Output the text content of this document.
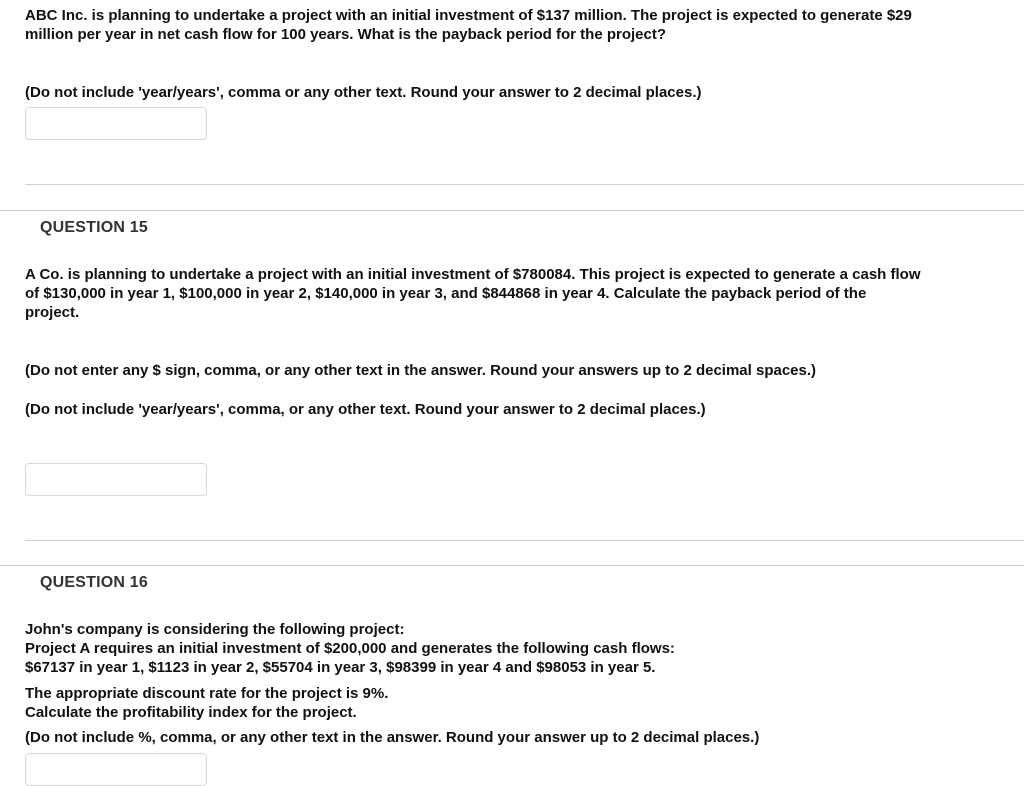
ABC Inc. is planning to undertake a project with an initial investment of $137 million. The project is expected to generate $29

million per year in net cash flow for 100 years. What is the payback period for the project?

(Do not include 'year/years', comma or any other text. Round your answer to 2 decimal places.)

QUESTION 15

A Co. is planning to undertake a project with an initial investment of $780084. This project is expected to generate a cash flow

of $130,000 in year 1, $100,000 in year 2, $140,000 in year 3, and $844868 in year 4. Calculate the payback period of the

project.

(Do not enter any $ sign, comma, or any other text in the answer. Round your answers up to 2 decimal spaces.)

(Do not include 'year/years', comma, or any other text. Round your answer to 2 decimal places.)

QUESTION 16

John's company is considering the following project:

Project A requires an initial investment of $200,000 and generates the following cash flows:

$67137 in year 1, $1123 in year 2, $55704 in year 3, $98399 in year 4 and $98053 in year 5.

The appropriate discount rate for the project is 9%.

Calculate the profitability index for the project.

(Do not include %, comma, or any other text in the answer. Round your answer up to 2 decimal places.)
